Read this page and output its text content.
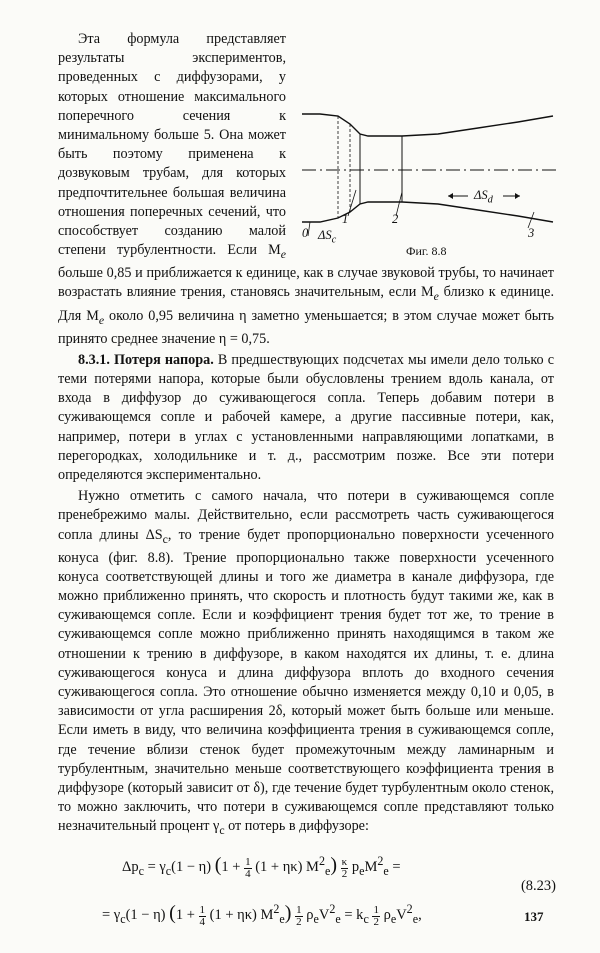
0 $\Delta S_c$
1	2
$\Delta S_d$
3
Фиг. 8.8

Эта формула представляет результаты экспериментов, проведенных с диффузорами, у которых отношение максимального поперечного сечения к минимальному больше 5. Она может быть поэтому применена к дозвуковым трубам, для которых предпочтительнее большая величина отношения поперечных сечений, что способствует созданию малой степени турбулентности. Если $M_e$ больше 0,85 и приближается к единице, как в случае звуковой трубы, то начинает возрастать влияние трения, становясь значительным, если $M_e$ близко к единице. Для $M_e$ около 0,95 величина η заметно уменьшается; в этом случае может быть принято среднее значение η = 0,75.

8.3.1. Потеря напора. В предшествующих подсчетах мы имели дело только с теми потерями напора, которые были обусловлены трением вдоль канала, от входа в диффузор до суживающегося сопла. Теперь добавим потери в суживающемся сопле и рабочей камере, а другие пассивные потери, как, например, потери в углах с установленными направляющими лопатками, в перегородках, холодильнике и т. д., рассмотрим позже. Все эти потери определяются экспериментально.

Нужно отметить с самого начала, что потери в суживающемся сопле пренебрежимо малы. Действительно, если рассмотреть часть суживающегося сопла длины $\Delta S_c$, то трение будет пропорционально поверхности усеченного конуса (фиг. 8.8). Трение пропорционально также поверхности усеченного конуса соответствующей длины и того же диаметра в канале диффузора, где можно приближенно принять, что скорость и плотность будут такими же, как в суживающемся сопле. Если и коэффициент трения будет тот же, то трение в суживающемся сопле можно приближенно принять находящимся в таком же отношении к трению в диффузоре, в каком находятся их длины, т. е. длина суживающегося конуса и длина диффузора вплоть до входного сечения суживающегося сопла. Это отношение обычно изменяется между 0,10 и 0,05, в зависимости от угла расширения 2δ, который может быть больше или меньше. Если иметь в виду, что величина коэффициента трения в суживающемся сопле, где течение вблизи стенок будет промежуточным между ламинарным и турбулентным, значительно меньше соответствующего коэффициента трения в диффузоре (который зависит от δ), где течение будет турбулентным около стенок, то можно заключить, что потери в суживающемся сопле представляют только незначительный процент $\gamma_c$ от потерь в диффузоре:

$\Delta p_c = \gamma_c(1 - \eta) (1 + \frac{1}{4} (1 + \eta\kappa)$ $M^2_e) \frac{\kappa}{2} p_eM^2_e$ =
(8.23)
= $\gamma_c(1 - \eta) (1 + \frac{1}{4} (1 + \eta\kappa)$ $M^2_e) \frac{1}{2} \rho_eV^2_e = k_c \frac{1}{2} \rho_eV^2_e$,	137
